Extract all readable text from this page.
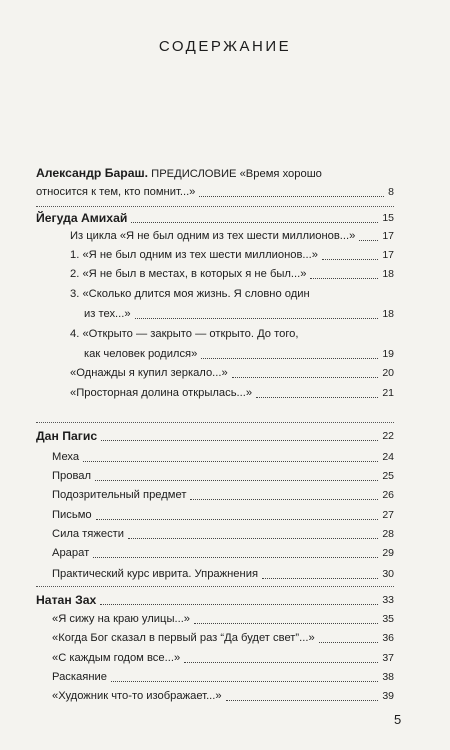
СОДЕРЖАНИЕ
Александр Бараш. ПРЕДИСЛОВИЕ «Время хорошо
относится к тем, кто помнит...»	8
Йегуда Амихай	15
Из цикла «Я не был одним из тех шести миллионов...»	17
1. «Я не был одним из тех шести миллионов...»	17
2. «Я не был в местах, в которых я не был...»	18
3. «Сколько длится моя жизнь. Я словно один
из тех...»	18
4. «Открыто — закрыто — открыто. До того,
как человек родился»	19
«Однажды я купил зеркало...»	20
«Просторная долина открылась...»	21
Дан Пагис	22
Меха	24
Провал	25
Подозрительный предмет	26
Письмо	27
Сила тяжести	28
Арарат	29
Практический курс иврита. Упражнения	30
Натан Зах	33
«Я сижу на краю улицы...»	35
«Когда Бог сказал в первый раз “Да будет свет”...»	36
«С каждым годом все...»	37
Раскаяние	38
«Художник что-то изображает...»	39
5
